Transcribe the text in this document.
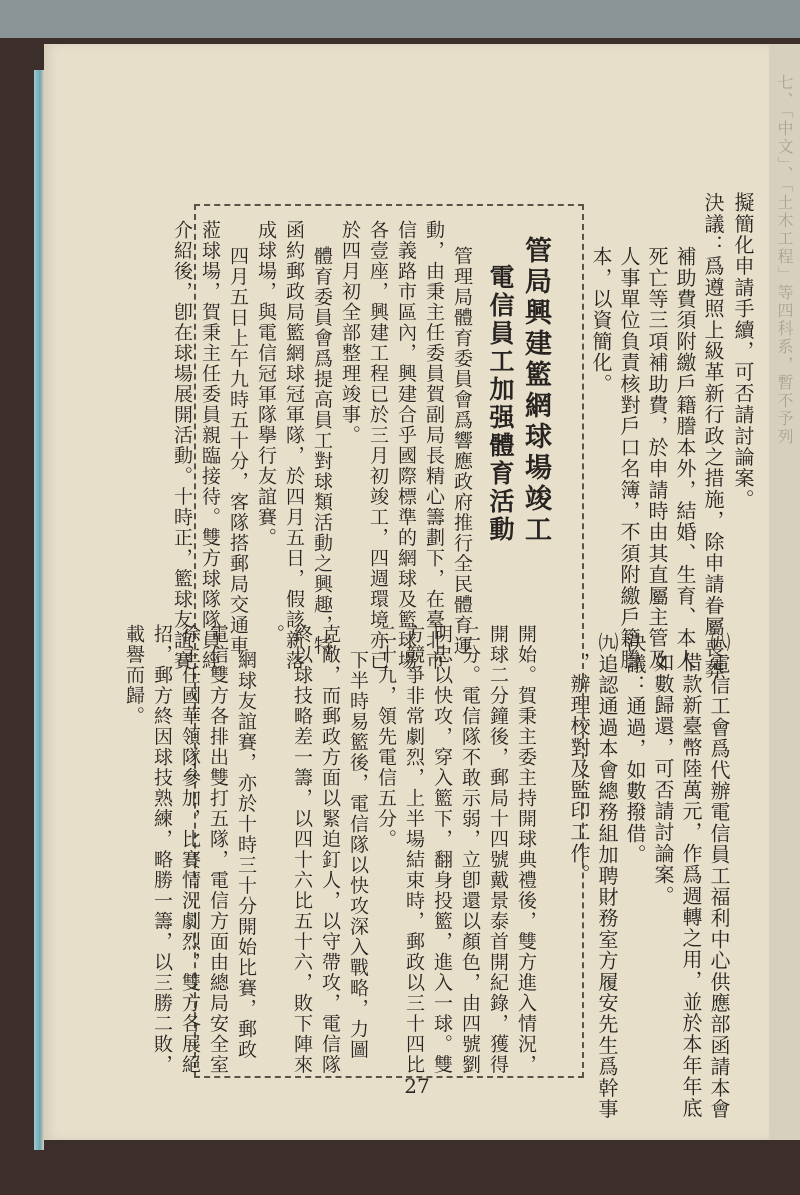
擬簡化申請手續，可否請討論案。

決議：爲遵照上級革新行政之措施，除申請眷屬喪葬

補助費須附繳戶籍謄本外，結婚、生育、本人

死亡等三項補助費，於申請時由其直屬主管及

人事單位負責核對戶口名簿，不須附繳戶籍謄

本，以資簡化。

㈧電信工會爲代辦電信員工福利中心供應部函請本會

借款新臺幣陸萬元，作爲週轉之用，並於本年年底

如數歸還，可否請討論案。

決議：通過，如數撥借。

㈨追認通過本會總務組加聘財務室方履安先生爲幹事

，辦理校對及監印工作。

管局興建籃網球場竣工

電信員工加强體育活動

管理局體育委員會爲響應政府推行全民體育運

動，由秉主任委員賀副局長精心籌劃下，在臺北市

信義路市區內，興建合乎國際標準的網球及籃球場

各壹座，興建工程已於三月初竣工，四週環境亦已

於四月初全部整理竣事。

體育委員會爲提高員工對球類活動之興趣，特

函約郵政局籃網球冠軍隊，於四月五日，假該新落

成球場，與電信冠軍隊擧行友誼賽。

四月五日上午九時五十分，客隊搭郵局交通車

蒞球場，賀秉主任委員親臨接待。雙方球隊隊員經

介紹後，卽在球場展開活動。十時正，籃球友誼賽

開始。賀秉主委主持開球典禮後，雙方進入情況，

開球二分鐘後，郵局十四號戴景泰首開紀錄，獲得

二分。電信隊不敢示弱，立卽還以顏色，由四號劉

明忠以快攻，穿入籃下，翻身投籃，進入一球。雙

方競爭非常劇烈，上半場結束時，郵政以三十四比

二十九，領先電信五分。

下半時易籃後，電信隊以快攻深入戰略，力圖

克敵，而郵政方面以緊迫釘人，以守帶攻，電信隊

終以球技略差一籌，以四十六比五十六，敗下陣來

。

網球友誼賽，亦於十時三十分開始比賽，郵政

電信雙方各排出雙打五隊，電信方面由總局安全室

徐主任國華領隊參加，比賽情況劇烈，雙方各展絕

招，郵方終因球技熟練，略勝一籌，以三勝二敗，

載譽而歸。

27
七、「中文」、「土木工程」等四科系，暫不予列
